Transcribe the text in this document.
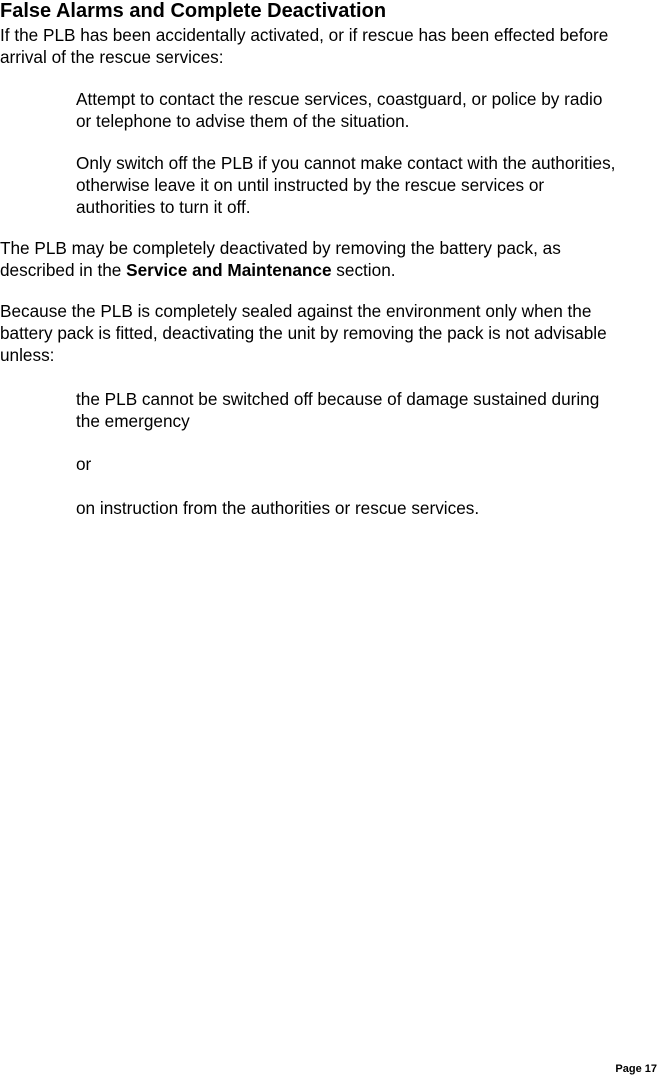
False Alarms and Complete Deactivation

If the PLB has been accidentally activated, or if rescue has been effected before arrival of the rescue services:

Attempt to contact the rescue services, coastguard, or police by radio or telephone to advise them of the situation.

Only switch off the PLB if you cannot make contact with the authorities, otherwise leave it on until instructed by the rescue services or authorities to turn it off.

The PLB may be completely deactivated by removing the battery pack, as described in the Service and Maintenance section.

Because the PLB is completely sealed against the environment only when the battery pack is fitted, deactivating the unit by removing the pack is not advisable unless:

the PLB cannot be switched off because of damage sustained during the emergency

or

on instruction from the authorities or rescue services.

Page 17
